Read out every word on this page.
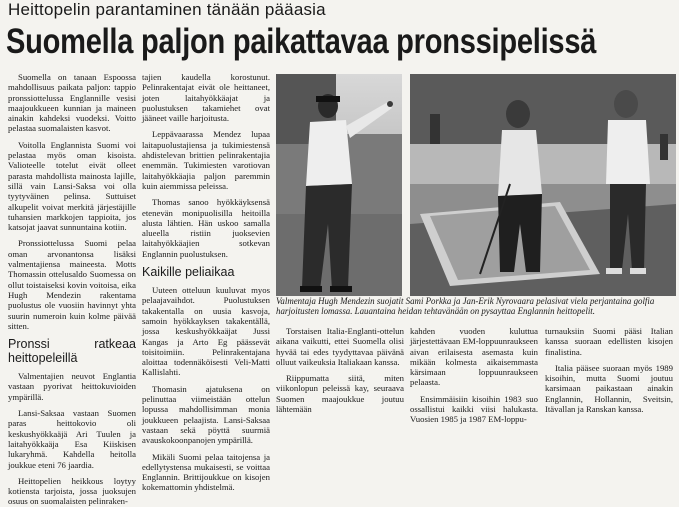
Heittopelin parantaminen tänään pääasia
Suomella paljon paikattavaa pronssipelissä

Suomella on tanaan Espoossa mahdollisuus paikata paljon: tappio pronssiottelussa Englannille vesisi maajoukkueen kunnian ja maineen ainakin kahdeksi vuodeksi. Voitto pelastaa suomalaisten kasvot.

Voitolla Englannista Suomi voi pelastaa myös oman kisoista. Valioteelle totelut eivät olleet parasta mahdollista mainosta lajille, sillä vain Lansi-Saksa voi olla tyytyväinen pelinsa. Suttuiset alkupelit voivat merkitä järjestäjille tuhansien markkojen tappioita, jos katsojat jaavat sunnuntaina kotiin.

Pronssiottelussa Suomi pelaa oman arvonantonsa lisäksi valmentajiensa maineesta. Motts Thomassin ottelusaldo Suomessa on ollut toistaiseksi kovin voitoisa, eika Hugh Mendezin rakentama puolustus ole vuosiin havinnyt yhta suurin numeroin kuin kolme päivää sitten.

Pronssi ratkeaa heittopeleillä

Valmentajien neuvot Englantia vastaan pyorivat heittokuvioiden ympärillä.

Lansi-Saksaa vastaan Suomen paras heittokovio oli keskushyökkaäjä Ari Tuulen ja laitahyökkaäja Esa Kiiskisen lukaryhmä. Kahdella heitolla joukkue eteni 76 jaardia.

Heittopelien heikkous loytyy kotiensta tarjoista, jossa juoksujen osuus on suomalaisten pelinraken-

tajien kaudella korostunut. Pelinrakentajat eivät ole heittaneet, joten laitahyökkäajat ja puolustuksen takamiehet ovat jääneet vaille harjoitusta.

Leppävaarassa Mendez lupaa laitapuolustajiensa ja tukimiestensä ahdistelevan brittien pelinrakentajia enemmän. Tukimiesten varotiovan laitahyökkäajia paljon paremmin kuin aiemmissa peleissa.

Thomas sanoo hyökkäyksensä etenevän monipuolisilla heitoilla alusta lähtien. Hän uskoo samalla alueella ristiin juoksevien laitahyökkäajien sotkevan Englannin puolustuksen.

Kaikille peliaikaa

Uuteen otteluun kuuluvat myos pelaajavaihdot. Puolustuksen takakentalla on uusia kasvoja, samoin hyökkayksen takakentällä, jossa keskushyökkaäjat Jussi Kangas ja Arto Eg päässevät toisitoimiin. Pelinrakentajana aloittaa todennäköisesti Veli-Matti Kallislahti.

Thomasin ajatuksena on pelinuttaa viimeistään ottelun lopussa mahdollisimman monia joukkueen pelaajista. Lansi-Saksaa vastaan sekä pöyttä suurmiä avauskokoonpanojen ympärillä.

Mikäli Suomi pelaa taitojensa ja edellytystensa mukaisesti, se voittaa Englannin. Brittijoukkue on kisojen kokemattomin yhdistelmä.

Valmentaja Hugh Mendezin suojatit Sami Porkka ja Jan-Erik Nyrovaara pelasivat viela perjantaina golfia harjoitusten lomassa. Lauantaina heidan tehtavänään on pysayttaa Englannin heittopelit.

Torstaisen Italia-Englanti-ottelun aikana vaikutti, ettei Suomella olisi hyvää tai edes tyydyttavaa päivänä olluut vaikeuksia Italiakaan kanssa.

Riippumatta siitä, miten viikonlopun peleissä kay, seuraava Suomen maajoukkue joutuu lähtemään

kahden vuoden kuluttua järjestettävaan EM-loppuunraukseen aivan erilaisesta asemasta kuin mikään kolmesta aikaisemmasta kärsimaan loppuunraukseen pelaasta.

Ensimmäisiin kisoihin 1983 suo ossallistui kaikki viisi halukasta. Vuosien 1985 ja 1987 EM-loppu-

turnauksiin Suomi pääsi Italian kanssa suoraan edellisten kisojen finalistina.

Italia pääsee suoraan myös 1989 kisoihin, mutta Suomi joutuu karsimaan paikastaan ainakin Englannin, Hollannin, Sveitsin, Itävallan ja Ranskan kanssa.
